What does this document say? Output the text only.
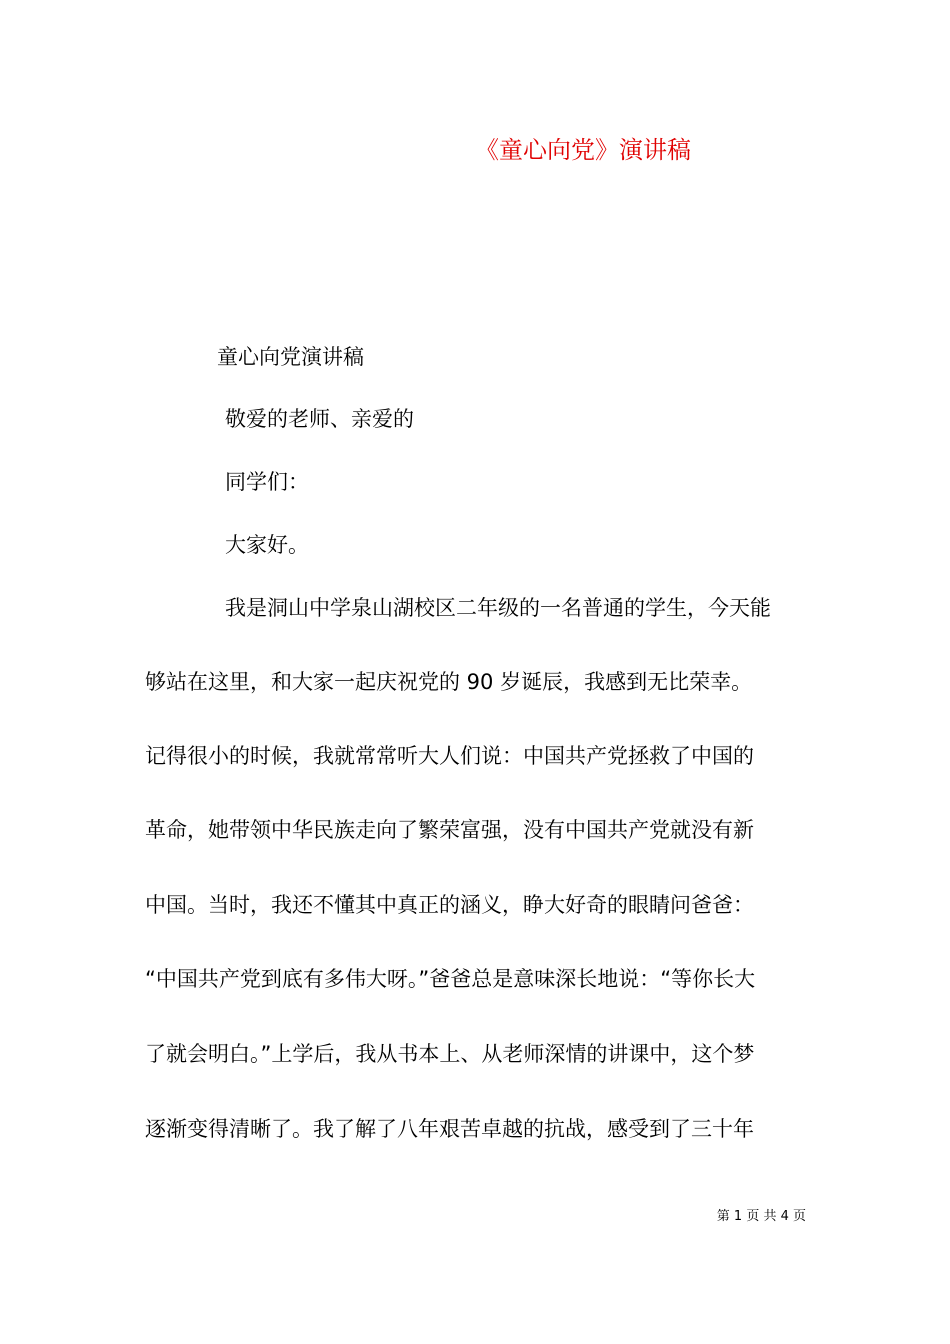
《童心向党》演讲稿
童心向党演讲稿
敬爱的老师、亲爱的
同学们：
大家好。
我是洞山中学泉山湖校区二年级的一名普通的学生，今天能
够站在这里，和大家一起庆祝党的 90 岁诞辰，我感到无比荣幸。
记得很小的时候，我就常常听大人们说：中国共产党拯救了中国的
革命，她带领中华民族走向了繁荣富强，没有中国共产党就没有新
中国。当时，我还不懂其中真正的涵义，睁大好奇的眼睛问爸爸：
“中国共产党到底有多伟大呀。”爸爸总是意味深长地说：“等你长大
了就会明白。”上学后，我从书本上、从老师深情的讲课中，这个梦
逐渐变得清晰了。我了解了八年艰苦卓越的抗战，感受到了三十年
第 1 页 共 4 页
